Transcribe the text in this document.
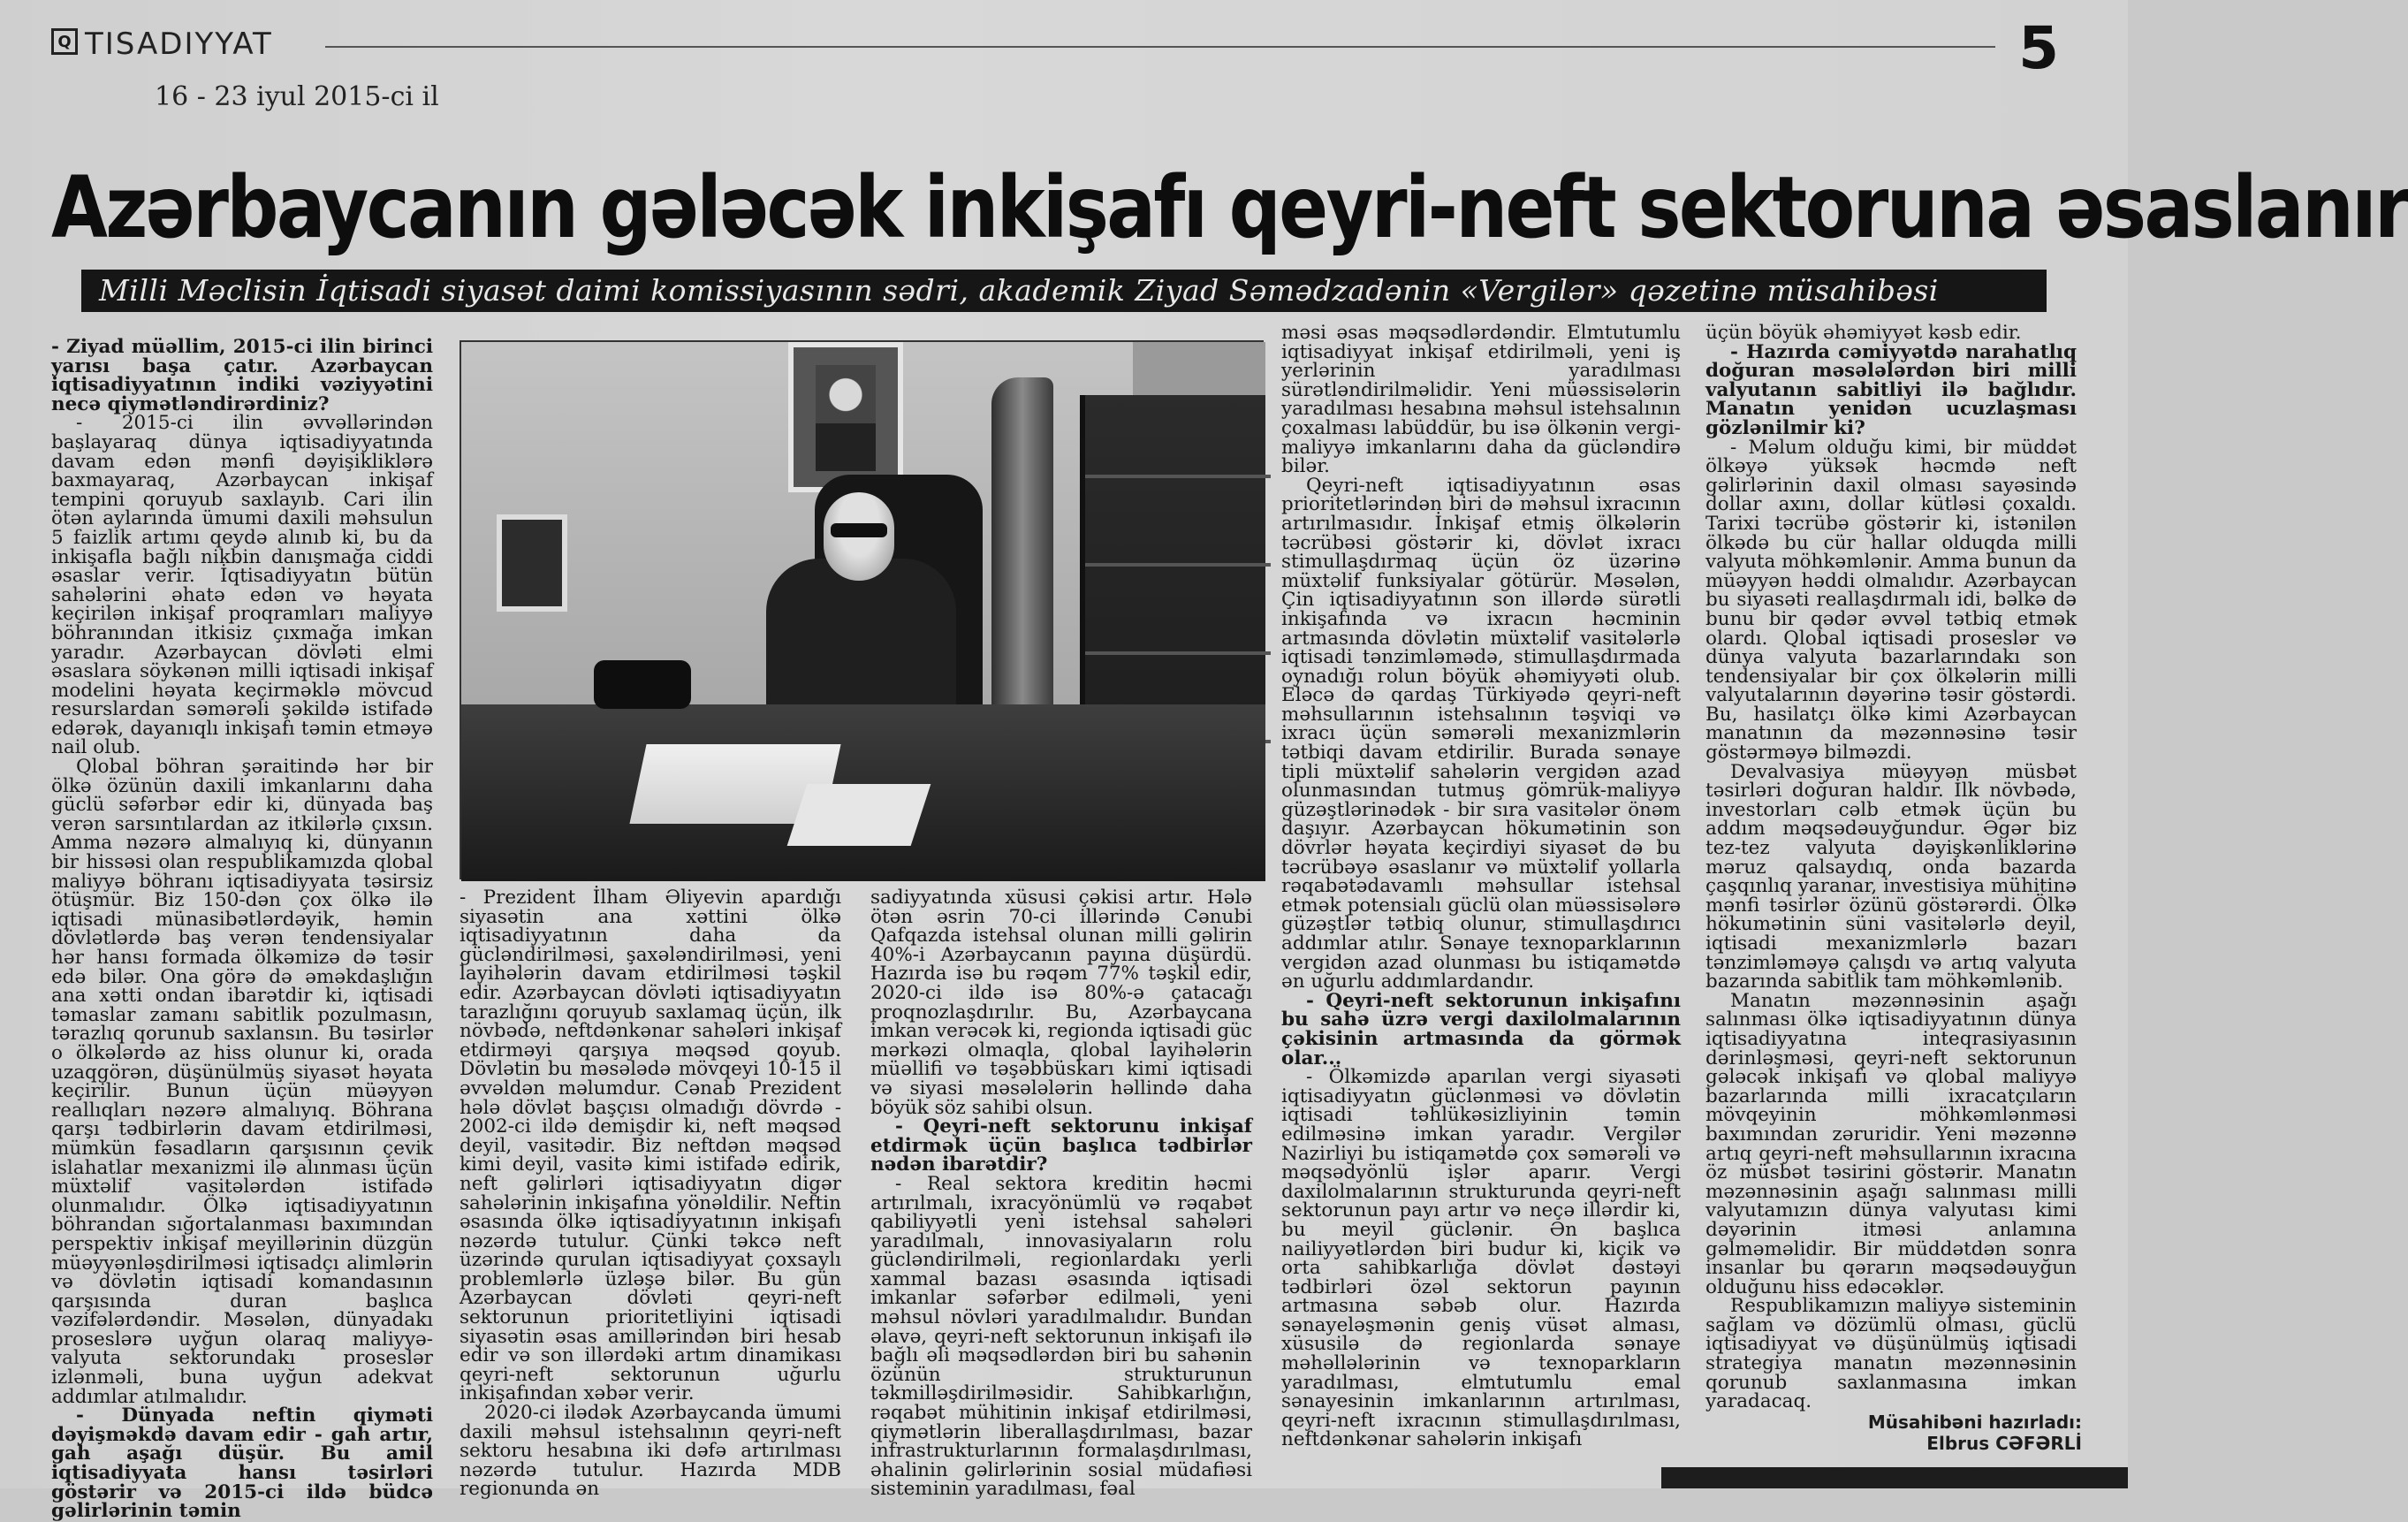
Q TISADIYYAT	5
16 - 23 iyul 2015-ci il
Azərbaycanın gələcək inkişafı qeyri-neft sektoruna əsaslanır
Milli Məclisin İqtisadi siyasət daimi komissiyasının sədri, akademik Ziyad Səmədzadənin «Vergilər» qəzetinə müsahibəsi

- Ziyad müəllim, 2015-ci ilin birinci yarısı başa çatır. Azərbaycan iqtisadiyyatının indiki vəziyyətini necə qiymətləndirərdiniz?

- 2015-ci ilin əvvəllərindən başlayaraq dünya iqtisadiyyatında davam edən mənfi dəyişikliklərə baxmayaraq, Azərbaycan inkişaf tempini qoruyub saxlayıb. Cari ilin ötən aylarında ümumi daxili məhsulun 5 faizlik artımı qeydə alınıb ki, bu da inkişafla bağlı nikbin danışmağa ciddi əsaslar verir. İqtisadiyyatın bütün sahələrini əhatə edən və həyata keçirilən inkişaf proqramları maliyyə böhranından itkisiz çıxmağa imkan yaradır. Azərbaycan dövləti elmi əsaslara söykənən milli iqtisadi inkişaf modelini həyata keçirməklə mövcud resurslardan səmərəli şəkildə istifadə edərək, dayanıqlı inkişafı təmin etməyə nail olub.

Qlobal böhran şəraitində hər bir ölkə özünün daxili imkanlarını daha güclü səfərbər edir ki, dünyada baş verən sarsıntılardan az itkilərlə çıxsın. Amma nəzərə almalıyıq ki, dünyanın bir hissəsi olan respublikamızda qlobal maliyyə böhranı iqtisadiyyata təsirsiz ötüşmür. Biz 150-dən çox ölkə ilə iqtisadi münasibətlərdəyik, həmin dövlətlərdə baş verən tendensiyalar hər hansı formada ölkəmizə də təsir edə bilər. Ona görə də əməkdaşlığın ana xətti ondan ibarətdir ki, iqtisadi təmaslar zamanı sabitlik pozulmasın, tərazlıq qorunub saxlansın. Bu təsirlər o ölkələrdə az hiss olunur ki, orada uzaqgörən, düşünülmüş siyasət həyata keçirilir. Bunun üçün müəyyən reallıqları nəzərə almalıyıq. Böhrana qarşı tədbirlərin davam etdirilməsi, mümkün fəsadların qarşısının çevik islahatlar mexanizmi ilə alınması üçün müxtəlif vasitələrdən istifadə olunmalıdır. Ölkə iqtisadiyyatının böhrandan sığortalanması baxımından perspektiv inkişaf meyillərinin düzgün müəyyənləşdirilməsi iqtisadçı alimlərin və dövlətin iqtisadi komandasının qarşısında duran başlıca vəzifələrdəndir. Məsələn, dünyadakı proseslərə uyğun olaraq maliyyə-valyuta sektorundakı proseslər izlənməli, buna uyğun adekvat addımlar atılmalıdır.

- Dünyada neftin qiyməti dəyişməkdə davam edir - gah artır, gah aşağı düşür. Bu amil iqtisadiyyata hansı təsirləri göstərir və 2015-ci ildə büdcə gəlirlərinin təmin

- Prezident İlham Əliyevin apardığı siyasətin ana xəttini ölkə iqtisadiyyatının daha da gücləndirilməsi, şaxələndirilməsi, yeni layihələrin davam etdirilməsi təşkil edir. Azərbaycan dövləti iqtisadiyyatın tarazlığını qoruyub saxlamaq üçün, ilk növbədə, neftdənkənar sahələri inkişaf etdirməyi qarşıya məqsəd qoyub. Dövlətin bu məsələdə mövqeyi 10-15 il əvvəldən məlumdur. Cənab Prezident hələ dövlət başçısı olmadığı dövrdə - 2002-ci ildə demişdir ki, neft məqsəd deyil, vasitədir. Biz neftdən məqsəd kimi deyil, vasitə kimi istifadə edirik, neft gəlirləri iqtisadiyyatın digər sahələrinin inkişafına yönəldilir. Neftin əsasında ölkə iqtisadiyyatının inkişafı nəzərdə tutulur. Çünki təkcə neft üzərində qurulan iqtisadiyyat çoxsaylı problemlərlə üzləşə bilər. Bu gün Azərbaycan dövləti qeyri-neft sektorunun prioritetliyini iqtisadi siyasətin əsas amillərindən biri hesab edir və son illərdəki artım dinamikası qeyri-neft sektorunun uğurlu inkişafından xəbər verir.

2020-ci ilədək Azərbaycanda ümumi daxili məhsul istehsalının qeyri-neft sektoru hesabına iki dəfə artırılması nəzərdə tutulur. Hazırda MDB regionunda ən

sadiyyatında xüsusi çəkisi artır. Hələ ötən əsrin 70-ci illərində Cənubi Qafqazda istehsal olunan milli gəlirin 40%-i Azərbaycanın payına düşürdü. Hazırda isə bu rəqəm 77% təşkil edir, 2020-ci ildə isə 80%-ə çatacağı proqnozlaşdırılır. Bu, Azərbaycana imkan verəcək ki, regionda iqtisadi güc mərkəzi olmaqla, qlobal layihələrin müəllifi və təşəbbüskarı kimi iqtisadi və siyasi məsələlərin həllində daha böyük söz sahibi olsun.

- Qeyri-neft sektorunu inkişaf etdirmək üçün başlıca tədbirlər nədən ibarətdir?

- Real sektora kreditin həcmi artırılmalı, ixracyönümlü və rəqabət qabiliyyətli yeni istehsal sahələri yaradılmalı, innovasiyaların rolu gücləndirilməli, regionlardakı yerli xammal bazası əsasında iqtisadi imkanlar səfərbər edilməli, yeni məhsul növləri yaradılmalıdır. Bundan əlavə, qeyri-neft sektorunun inkişafı ilə bağlı əli məqsədlərdən biri bu sahənin özünün strukturunun təkmilləşdirilməsidir. Sahibkarlığın, rəqabət mühitinin inkişaf etdirilməsi, qiymətlərin liberallaşdırılması, bazar infrastrukturlarının formalaşdırılması, əhalinin gəlirlərinin sosial müdafiəsi sisteminin yaradılması, fəal

məsi əsas məqsədlərdəndir. Elmtutumlu iqtisadiyyat inkişaf etdirilməli, yeni iş yerlərinin yaradılması sürətləndirilməlidir. Yeni müəssisələrin yaradılması hesabına məhsul istehsalının çoxalması labüddür, bu isə ölkənin vergi-maliyyə imkanlarını daha da gücləndirə bilər.

Qeyri-neft iqtisadiyyatının əsas prioritetlərindən biri də məhsul ixracının artırılmasıdır. İnkişaf etmiş ölkələrin təcrübəsi göstərir ki, dövlət ixracı stimullaşdırmaq üçün öz üzərinə müxtəlif funksiyalar götürür. Məsələn, Çin iqtisadiyyatının son illərdə sürətli inkişafında və ixracın həcminin artmasında dövlətin müxtəlif vasitələrlə iqtisadi tənzimləmədə, stimullaşdırmada oynadığı rolun böyük əhəmiyyəti olub. Eləcə də qardaş Türkiyədə qeyri-neft məhsullarının istehsalının təşviqi və ixracı üçün səmərəli mexanizmlərin tətbiqi davam etdirilir. Burada sənaye tipli müxtəlif sahələrin vergidən azad olunmasından tutmuş gömrük-maliyyə güzəştlərinədək - bir sıra vasitələr önəm daşıyır. Azərbaycan hökumətinin son dövrlər həyata keçirdiyi siyasət də bu təcrübəyə əsaslanır və müxtəlif yollarla rəqabətədavamlı məhsullar istehsal etmək potensialı güclü olan müəssisələrə güzəştlər tətbiq olunur, stimullaşdırıcı addımlar atılır. Sənaye texnoparklarının vergidən azad olunması bu istiqamətdə ən uğurlu addımlardandır.

- Qeyri-neft sektorunun inkişafını bu sahə üzrə vergi daxilolmalarının çəkisinin artmasında da görmək olar...

- Ölkəmizdə aparılan vergi siyasəti iqtisadiyyatın güclənməsi və dövlətin iqtisadi təhlükəsizliyinin təmin edilməsinə imkan yaradır. Vergilər Nazirliyi bu istiqamətdə çox səmərəli və məqsədyönlü işlər aparır. Vergi daxilolmalarının strukturunda qeyri-neft sektorunun payı artır və neçə illərdir ki, bu meyil güclənir. Ən başlıca nailiyyətlərdən biri budur ki, kiçik və orta sahibkarlığa dövlət dəstəyi tədbirləri özəl sektorun payının artmasına səbəb olur. Hazırda sənayeləşmənin geniş vüsət alması, xüsusilə də regionlarda sənaye məhəllələrinin və texnoparkların yaradılması, elmtutumlu emal sənayesinin imkanlarının artırılması, qeyri-neft ixracının stimullaşdırılması, neftdənkənar sahələrin inkişafı

üçün böyük əhəmiyyət kəsb edir.

- Hazırda cəmiyyətdə narahatlıq doğuran məsələlərdən biri milli valyutanın sabitliyi ilə bağlıdır. Manatın yenidən ucuzlaşması gözlənilmir ki?

- Məlum olduğu kimi, bir müddət ölkəyə yüksək həcmdə neft gəlirlərinin daxil olması sayəsində dollar axını, dollar kütləsi çoxaldı. Tarixi təcrübə göstərir ki, istənilən ölkədə bu cür hallar olduqda milli valyuta möhkəmlənir. Amma bunun da müəyyən həddi olmalıdır. Azərbaycan bu siyasəti reallaşdırmalı idi, bəlkə də bunu bir qədər əvvəl tətbiq etmək olardı. Qlobal iqtisadi proseslər və dünya valyuta bazarlarındakı son tendensiyalar bir çox ölkələrin milli valyutalarının dəyərinə təsir göstərdi. Bu, hasilatçı ölkə kimi Azərbaycan manatının da məzənnəsinə təsir göstərməyə bilməzdi.

Devalvasiya müəyyən müsbət təsirləri doğuran haldır. İlk növbədə, investorları cəlb etmək üçün bu addım məqsədəuyğundur. Əgər biz tez-tez valyuta dəyişkənliklərinə məruz qalsaydıq, onda bazarda çaşqınlıq yaranar, investisiya mühitinə mənfi təsirlər özünü göstərərdi. Ölkə hökumətinin süni vasitələrlə deyil, iqtisadi mexanizmlərlə bazarı tənzimləməyə çalışdı və artıq valyuta bazarında sabitlik tam möhkəmlənib.

Manatın məzənnəsinin aşağı salınması ölkə iqtisadiyyatının dünya iqtisadiyyatına inteqrasiyasının dərinləşməsi, qeyri-neft sektorunun gələcək inkişafı və qlobal maliyyə bazarlarında milli ixracatçıların mövqeyinin möhkəmlənməsi baxımından zəruridir. Yeni məzənnə artıq qeyri-neft məhsullarının ixracına öz müsbət təsirini göstərir. Manatın məzənnəsinin aşağı salınması milli valyutamızın dünya valyutası kimi dəyərinin itməsi anlamına gəlməməlidir. Bir müddətdən sonra insanlar bu qərarın məqsədəuyğun olduğunu hiss edəcəklər.

Respublikamızın maliyyə sisteminin sağlam və dözümlü olması, güclü iqtisadiyyat və düşünülmüş iqtisadi strategiya manatın məzənnəsinin qorunub saxlanmasına imkan yaradacaq.

Müsahibəni hazırladı:
Elbrus CƏFƏRLİ
